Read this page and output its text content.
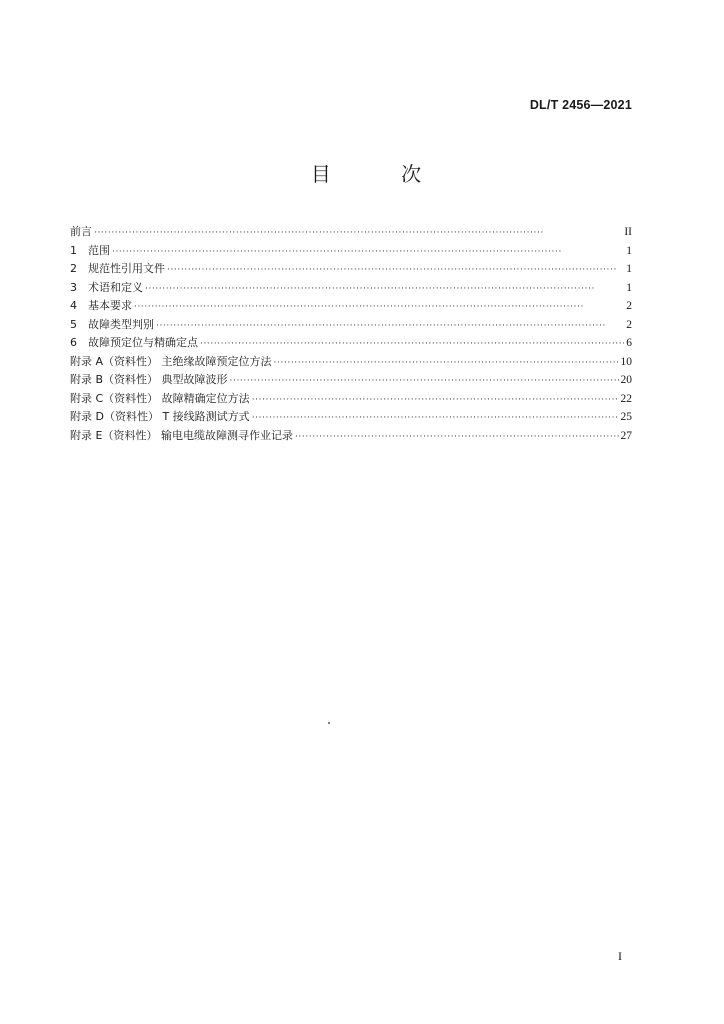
DL/T 2456—2021
目 次
前言 ·····	II
1	范围 ·····	1
2	规范性引用文件 ·····	1
3	术语和定义 ·····	1
4	基本要求 ·····	2
5	故障类型判别 ·····	2
6	故障预定位与精确定点 ·····	6
附录 A（资料性） 主绝缘故障预定位方法 ·····	10
附录 B（资料性） 典型故障波形 ·····	20
附录 C（资料性） 故障精确定位方法 ·····	22
附录 D（资料性） T 接线路测试方式 ·····	25
附录 E（资料性） 输电电缆故障测寻作业记录 ·····	27
I
